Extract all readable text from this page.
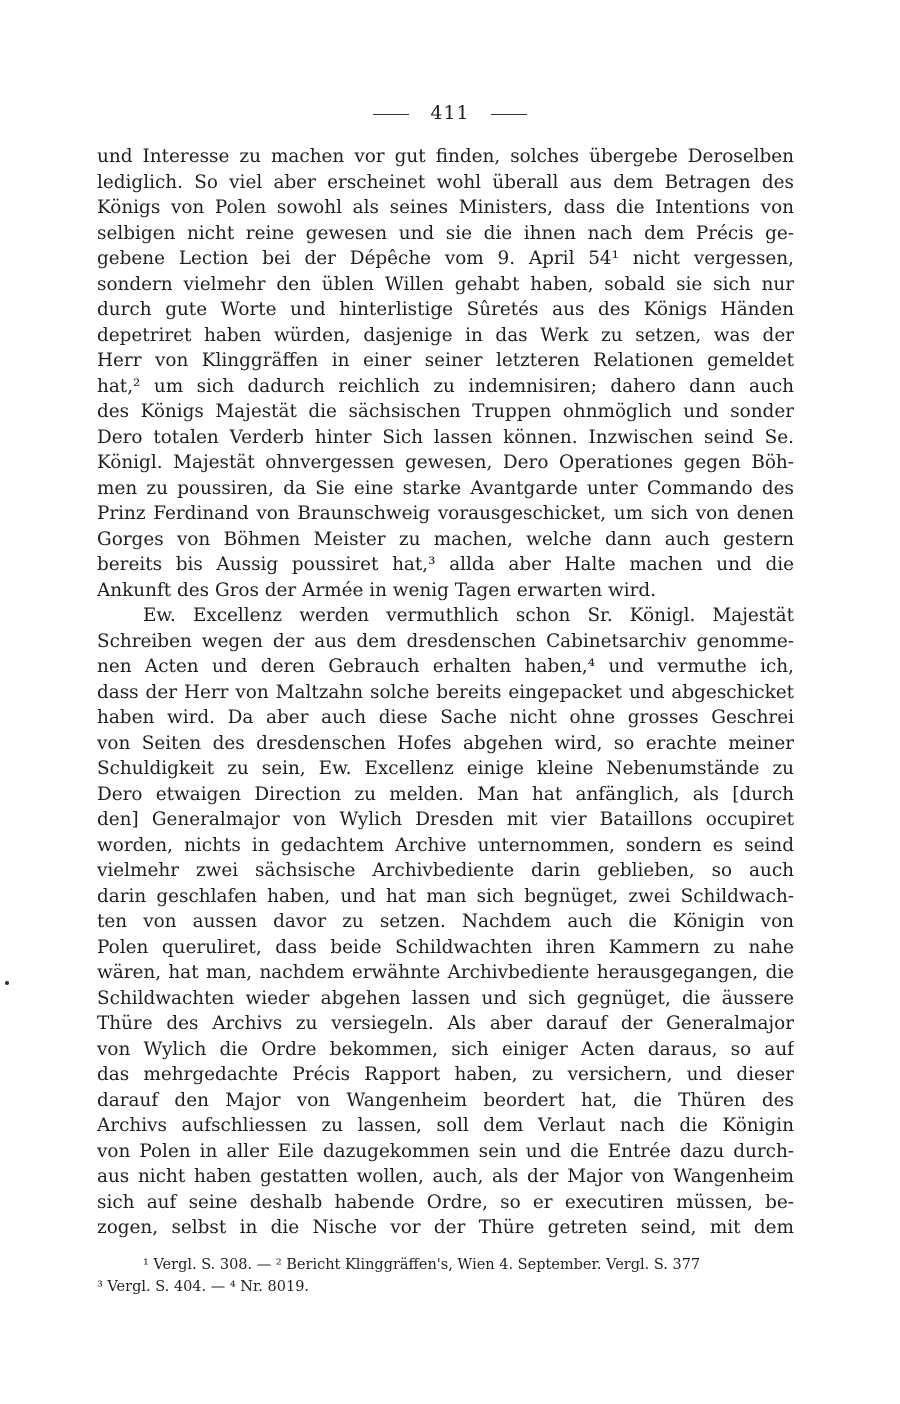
411
und Interesse zu machen vor gut finden, solches übergebe Deroselben
lediglich. So viel aber erscheinet wohl überall aus dem Betragen des
Königs von Polen sowohl als seines Ministers, dass die Intentions von
selbigen nicht reine gewesen und sie die ihnen nach dem Précis ge-
gebene Lection bei der Dépêche vom 9. April 54¹ nicht vergessen,
sondern vielmehr den üblen Willen gehabt haben, sobald sie sich nur
durch gute Worte und hinterlistige Sûretés aus des Königs Händen
depetriret haben würden, dasjenige in das Werk zu setzen, was der
Herr von Klinggräffen in einer seiner letzteren Relationen gemeldet
hat,² um sich dadurch reichlich zu indemnisiren; dahero dann auch
des Königs Majestät die sächsischen Truppen ohnmöglich und sonder
Dero totalen Verderb hinter Sich lassen können. Inzwischen seind Se.
Königl. Majestät ohnvergessen gewesen, Dero Operationes gegen Böh-
men zu poussiren, da Sie eine starke Avantgarde unter Commando des
Prinz Ferdinand von Braunschweig vorausgeschicket, um sich von denen
Gorges von Böhmen Meister zu machen, welche dann auch gestern
bereits bis Aussig poussiret hat,³ allda aber Halte machen und die
Ankunft des Gros der Armée in wenig Tagen erwarten wird.
Ew. Excellenz werden vermuthlich schon Sr. Königl. Majestät
Schreiben wegen der aus dem dresdenschen Cabinetsarchiv genomme-
nen Acten und deren Gebrauch erhalten haben,⁴ und vermuthe ich,
dass der Herr von Maltzahn solche bereits eingepacket und abgeschicket
haben wird. Da aber auch diese Sache nicht ohne grosses Geschrei
von Seiten des dresdenschen Hofes abgehen wird, so erachte meiner
Schuldigkeit zu sein, Ew. Excellenz einige kleine Nebenumstände zu
Dero etwaigen Direction zu melden. Man hat anfänglich, als [durch
den] Generalmajor von Wylich Dresden mit vier Bataillons occupiret
worden, nichts in gedachtem Archive unternommen, sondern es seind
vielmehr zwei sächsische Archivbediente darin geblieben, so auch
darin geschlafen haben, und hat man sich begnüget, zwei Schildwach-
ten von aussen davor zu setzen. Nachdem auch die Königin von
Polen queruliret, dass beide Schildwachten ihren Kammern zu nahe
wären, hat man, nachdem erwähnte Archivbediente herausgegangen, die
Schildwachten wieder abgehen lassen und sich gegnüget, die äussere
Thüre des Archivs zu versiegeln. Als aber darauf der Generalmajor
von Wylich die Ordre bekommen, sich einiger Acten daraus, so auf
das mehrgedachte Précis Rapport haben, zu versichern, und dieser
darauf den Major von Wangenheim beordert hat, die Thüren des
Archivs aufschliessen zu lassen, soll dem Verlaut nach die Königin
von Polen in aller Eile dazugekommen sein und die Entrée dazu durch-
aus nicht haben gestatten wollen, auch, als der Major von Wangenheim
sich auf seine deshalb habende Ordre, so er executiren müssen, be-
zogen, selbst in die Nische vor der Thüre getreten seind, mit dem
¹ Vergl. S. 308. — ² Bericht Klinggräffen's, Wien 4. September. Vergl. S. 377
³ Vergl. S. 404. — ⁴ Nr. 8019.
